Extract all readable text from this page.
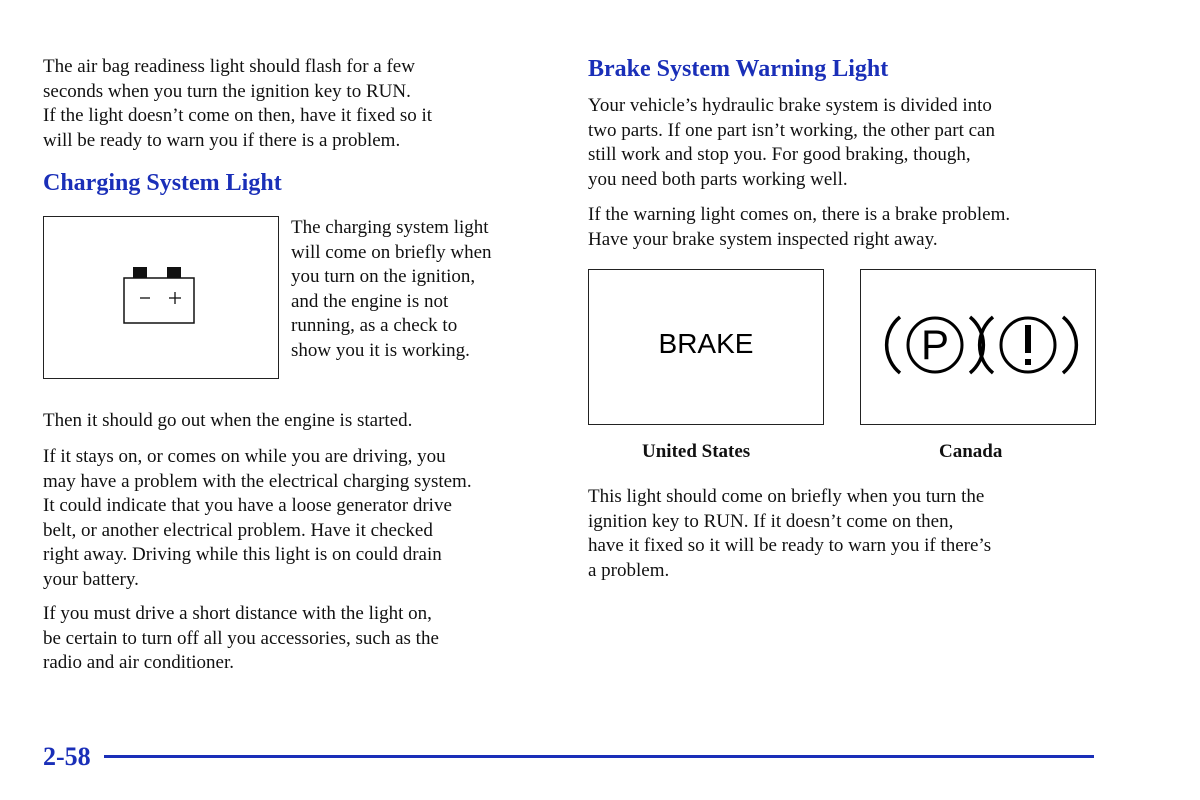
The air bag readiness light should flash for a few
seconds when you turn the ignition key to RUN.
If the light doesn’t come on then, have it fixed so it
will be ready to warn you if there is a problem.

Charging System Light

The charging system light
will come on briefly when
you turn on the ignition,
and the engine is not
running, as a check to
show you it is working.

Then it should go out when the engine is started.

If it stays on, or comes on while you are driving, you
may have a problem with the electrical charging system.
It could indicate that you have a loose generator drive
belt, or another electrical problem. Have it checked
right away. Driving while this light is on could drain
your battery.

If you must drive a short distance with the light on,
be certain to turn off all you accessories, such as the
radio and air conditioner.

Brake System Warning Light

Your vehicle’s hydraulic brake system is divided into
two parts. If one part isn’t working, the other part can
still work and stop you. For good braking, though,
you need both parts working well.

If the warning light comes on, there is a brake problem.
Have your brake system inspected right away.

BRAKE	P
United States	Canada

This light should come on briefly when you turn the
ignition key to RUN. If it doesn’t come on then,
have it fixed so it will be ready to warn you if there’s
a problem.

2-58
